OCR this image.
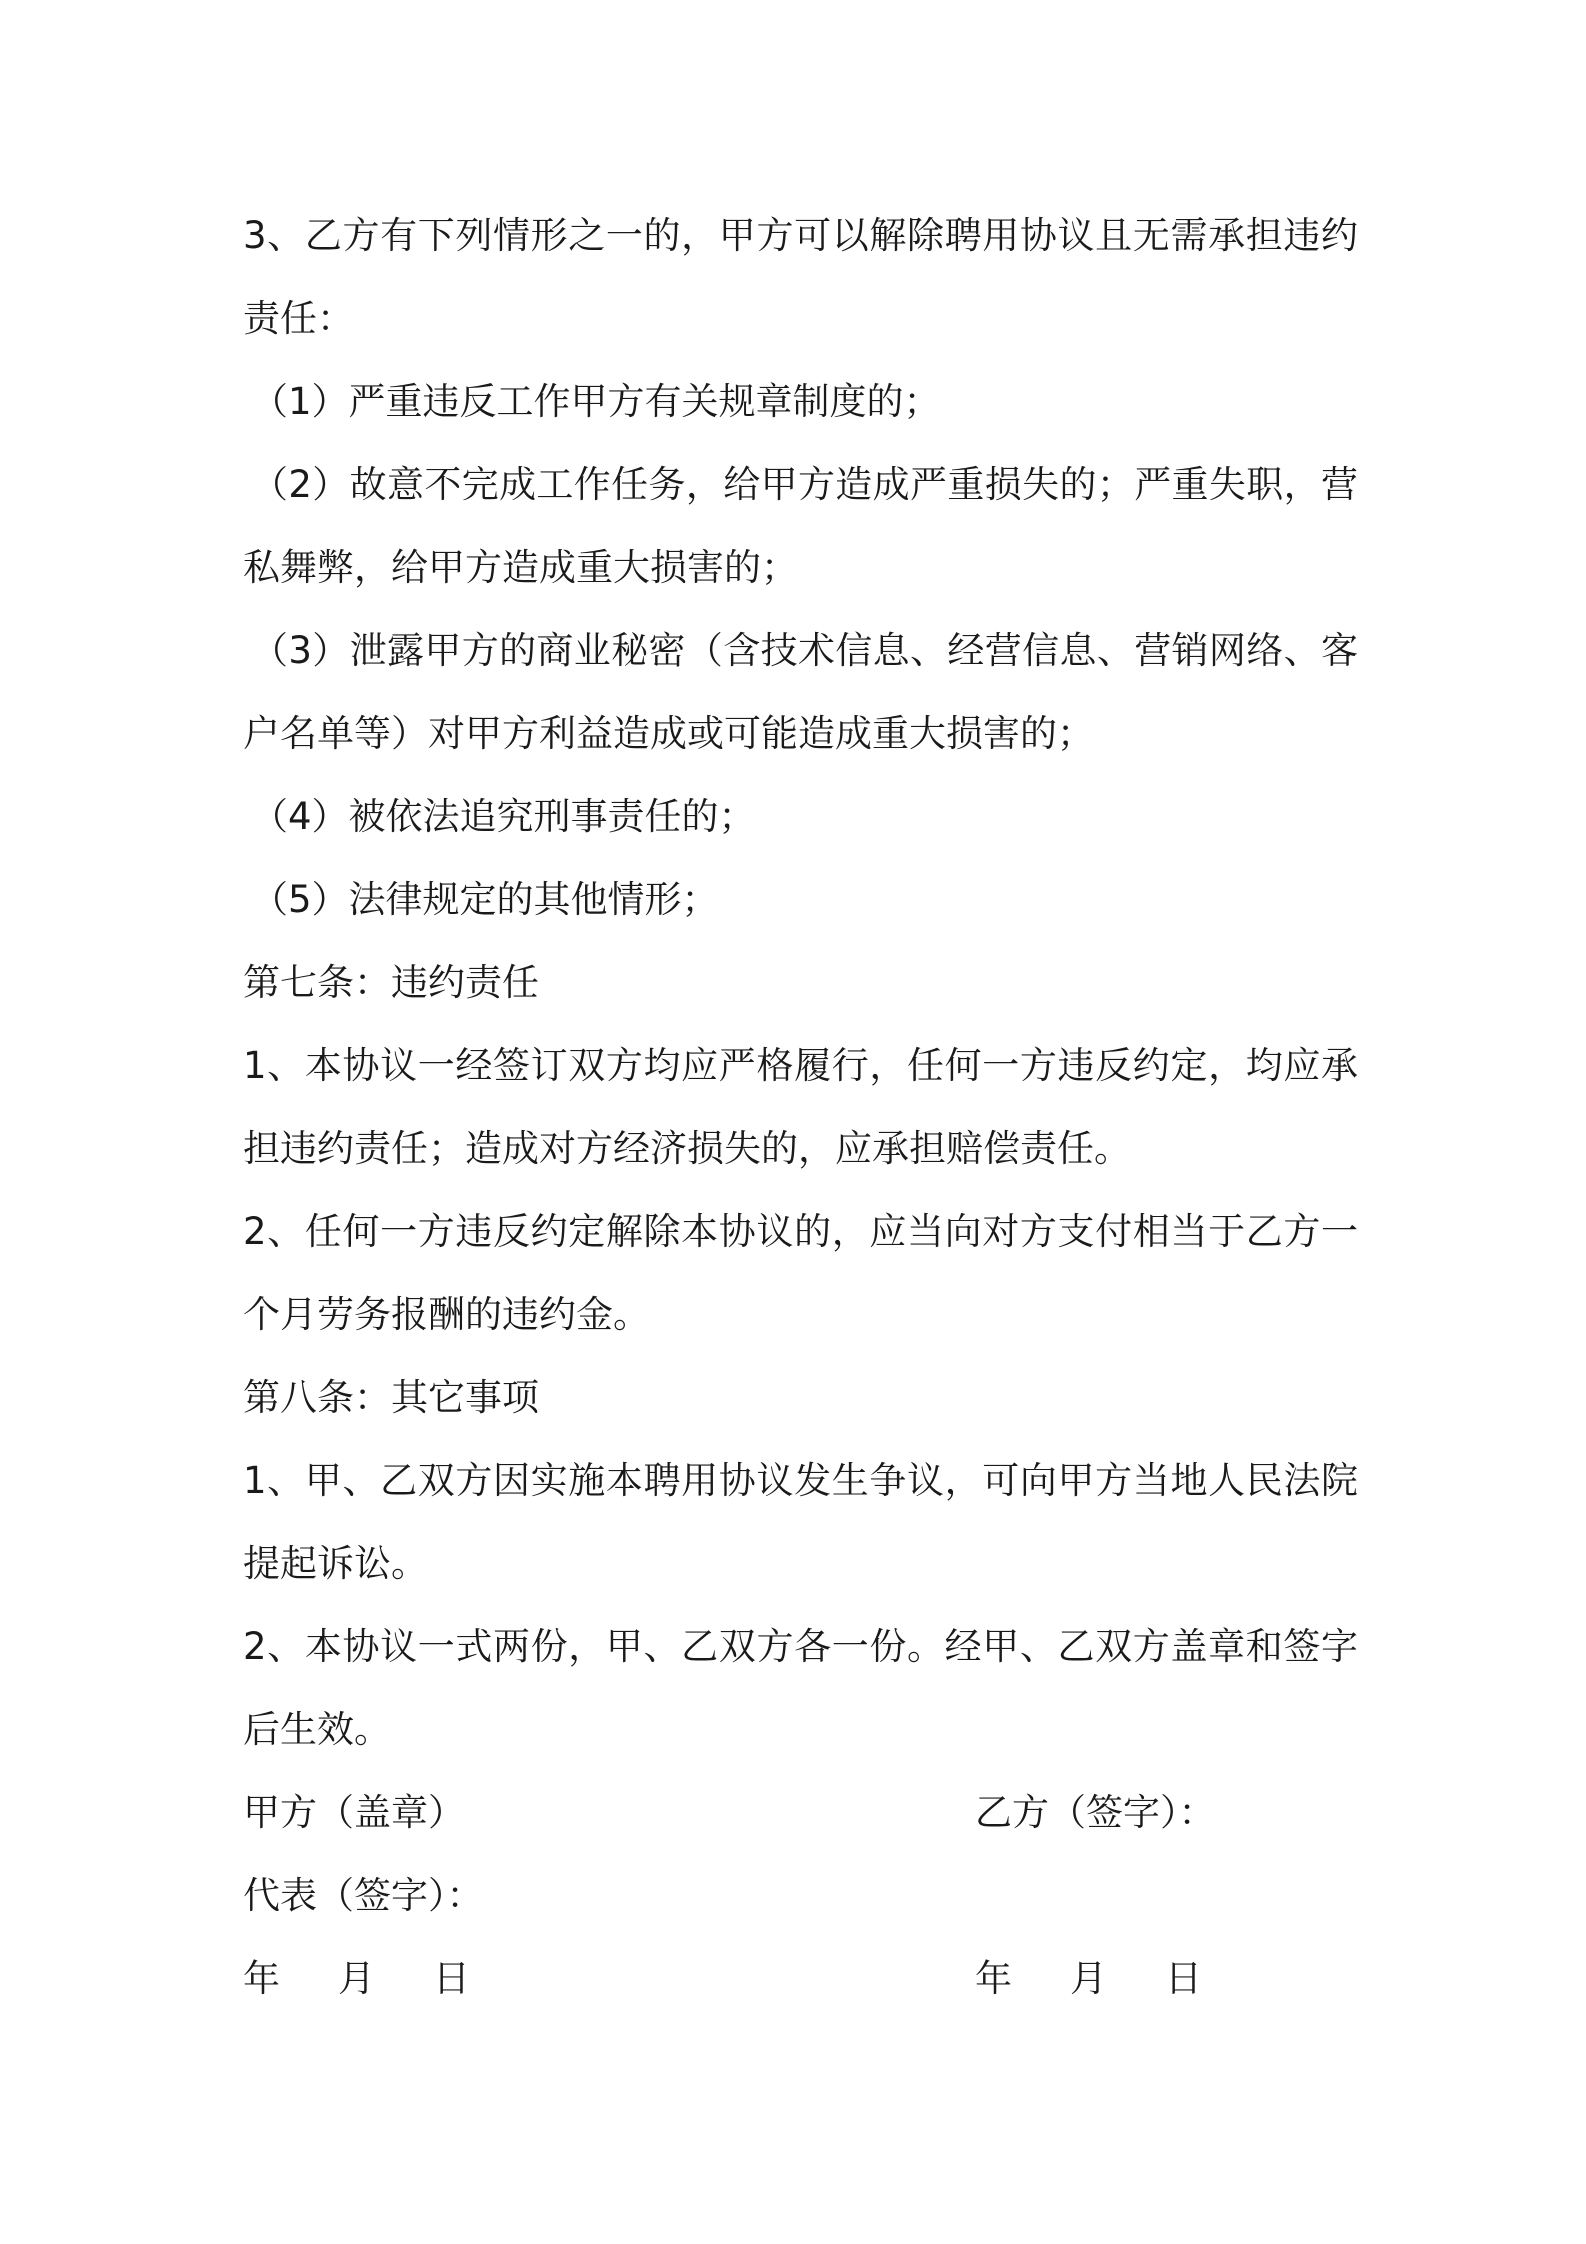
3、乙方有下列情形之一的，甲方可以解除聘用协议且无需承担违约责任：

（1）严重违反工作甲方有关规章制度的；

（2）故意不完成工作任务，给甲方造成严重损失的；严重失职，营私舞弊，给甲方造成重大损害的；

（3）泄露甲方的商业秘密（含技术信息、经营信息、营销网络、客户名单等）对甲方利益造成或可能造成重大损害的；

（4）被依法追究刑事责任的；

（5）法律规定的其他情形；

第七条：违约责任

1、本协议一经签订双方均应严格履行，任何一方违反约定，均应承担违约责任；造成对方经济损失的，应承担赔偿责任。

2、任何一方违反约定解除本协议的，应当向对方支付相当于乙方一个月劳务报酬的违约金。

第八条：其它事项

1、甲、乙双方因实施本聘用协议发生争议，可向甲方当地人民法院提起诉讼。

2、本协议一式两份，甲、乙双方各一份。经甲、乙双方盖章和签字后生效。

甲方（盖章）	乙方（签字）：
代表（签字）：
年 月 日	年 月 日
